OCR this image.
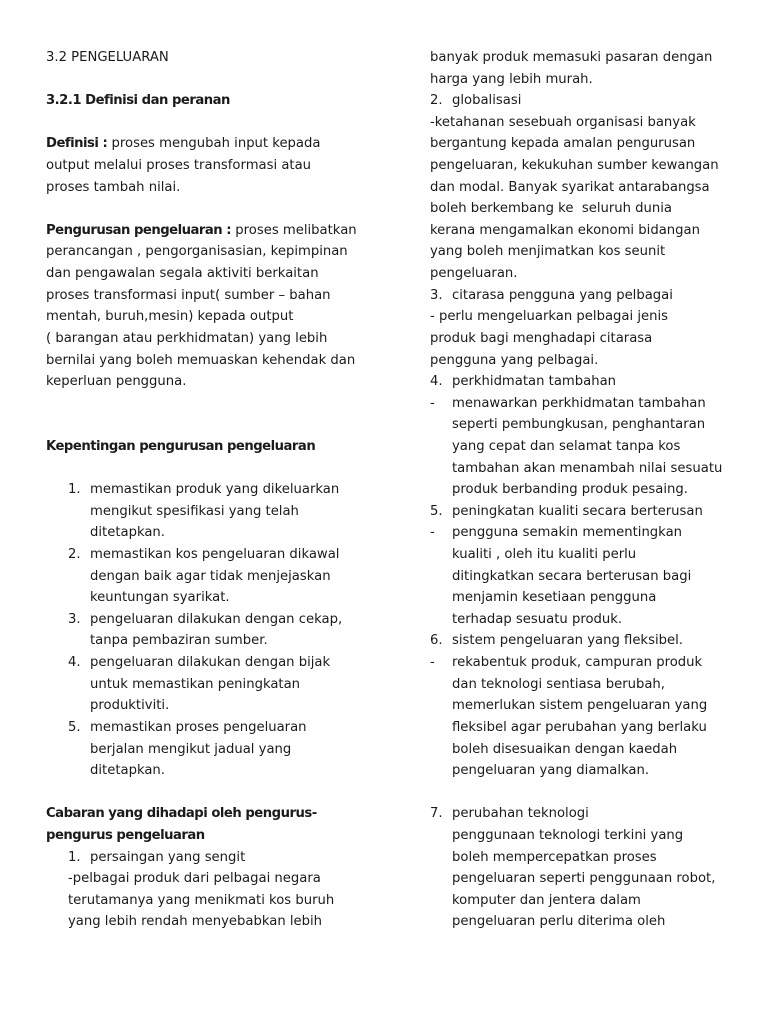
3.2 PENGELUARAN
3.2.1 Definisi dan peranan
Definisi : proses mengubah input kepada
output melalui proses transformasi atau
proses tambah nilai.
Pengurusan pengeluaran : proses melibatkan
perancangan , pengorganisasian, kepimpinan
dan pengawalan segala aktiviti berkaitan
proses transformasi input( sumber – bahan
mentah, buruh,mesin) kepada output
( barangan atau perkhidmatan) yang lebih
bernilai yang boleh memuaskan kehendak dan
keperluan pengguna.
Kepentingan pengurusan pengeluaran
1. memastikan produk yang dikeluarkan
mengikut spesifikasi yang telah
ditetapkan.
2. memastikan kos pengeluaran dikawal
dengan baik agar tidak menjejaskan
keuntungan syarikat.
3. pengeluaran dilakukan dengan cekap,
tanpa pembaziran sumber.
4. pengeluaran dilakukan dengan bijak
untuk memastikan peningkatan
produktiviti.
5. memastikan proses pengeluaran
berjalan mengikut jadual yang
ditetapkan.
Cabaran yang dihadapi oleh pengurus-
pengurus pengeluaran
1. persaingan yang sengit
-pelbagai produk dari pelbagai negara
terutamanya yang menikmati kos buruh
yang lebih rendah menyebabkan lebih
banyak produk memasuki pasaran dengan
harga yang lebih murah.
2. globalisasi
-ketahanan sesebuah organisasi banyak
bergantung kepada amalan pengurusan
pengeluaran, kekukuhan sumber kewangan
dan modal. Banyak syarikat antarabangsa
boleh berkembang ke  seluruh dunia
kerana mengamalkan ekonomi bidangan
yang boleh menjimatkan kos seunit
pengeluaran.
3. citarasa pengguna yang pelbagai
- perlu mengeluarkan pelbagai jenis
produk bagi menghadapi citarasa
pengguna yang pelbagai.
4. perkhidmatan tambahan
- menawarkan perkhidmatan tambahan
seperti pembungkusan, penghantaran
yang cepat dan selamat tanpa kos
tambahan akan menambah nilai sesuatu
produk berbanding produk pesaing.
5. peningkatan kualiti secara berterusan
- pengguna semakin mementingkan
kualiti , oleh itu kualiti perlu
ditingkatkan secara berterusan bagi
menjamin kesetiaan pengguna
terhadap sesuatu produk.
6. sistem pengeluaran yang fleksibel.
- rekabentuk produk, campuran produk
dan teknologi sentiasa berubah,
memerlukan sistem pengeluaran yang
fleksibel agar perubahan yang berlaku
boleh disesuaikan dengan kaedah
pengeluaran yang diamalkan.
7. perubahan teknologi
penggunaan teknologi terkini yang
boleh mempercepatkan proses
pengeluaran seperti penggunaan robot,
komputer dan jentera dalam
pengeluaran perlu diterima oleh
